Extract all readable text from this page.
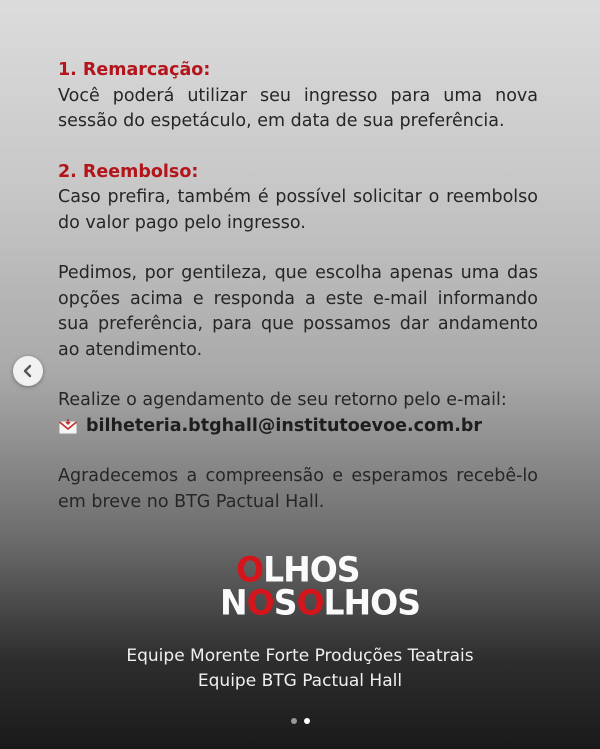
1. Remarcação:

Você poderá utilizar seu ingresso para uma nova sessão do espetáculo, em data de sua preferência.

2. Reembolso:

Caso prefira, também é possível solicitar o reembolso do valor pago pelo ingresso.

Pedimos, por gentileza, que escolha apenas uma das opções acima e responda a este e-mail informando sua preferência, para que possamos dar andamento ao atendimento.

Realize o agendamento de seu retorno pelo e-mail:

bilheteria.btghall@institutoevoe.com.br

Agradecemos a compreensão e esperamos recebê-lo em breve no BTG Pactual Hall.

OLHOS
NOSOLHOS
Equipe Morente Forte Produções Teatrais
Equipe BTG Pactual Hall
